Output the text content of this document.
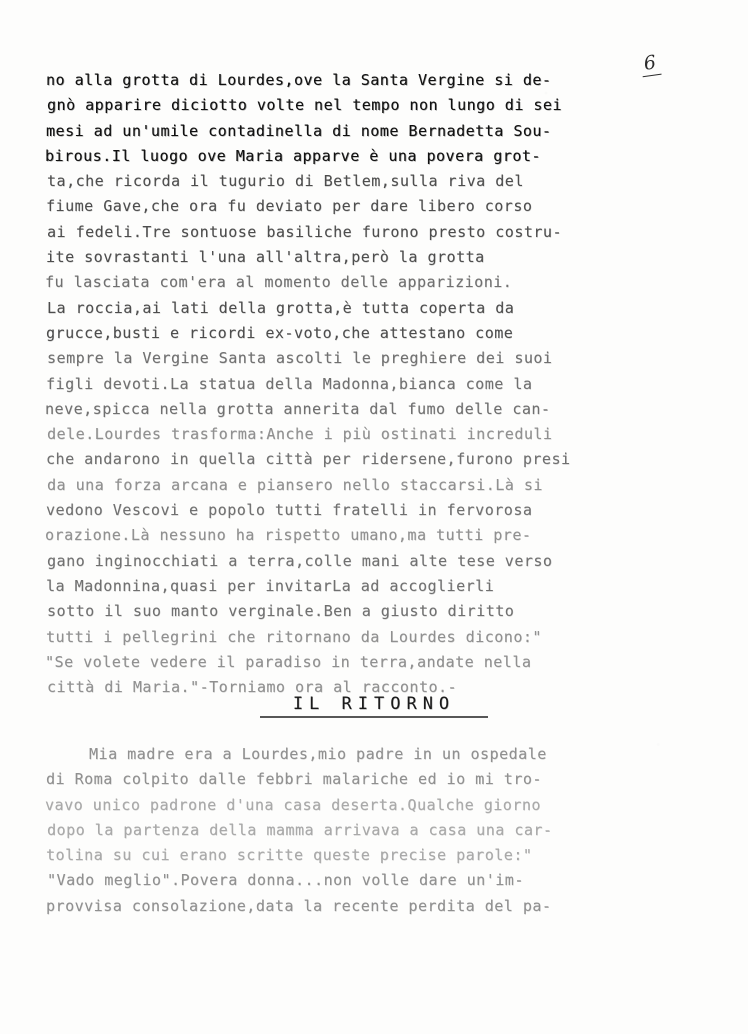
6
no alla grotta di Lourdes,ove la Santa Vergine si de-
gnò apparire diciotto volte nel tempo non lungo di sei
mesi ad un'umile contadinella di nome Bernadetta Sou-
birous.Il luogo ove Maria apparve è una povera grot-
ta,che ricorda il tugurio di Betlem,sulla riva del
fiume Gave,che ora fu deviato per dare libero corso
ai fedeli.Tre sontuose basiliche furono presto costru-
ite sovrastanti l'una all'altra,però la grotta
fu lasciata com'era al momento delle apparizioni.
La roccia,ai lati della grotta,è tutta coperta da
grucce,busti e ricordi ex-voto,che attestano come
sempre la Vergine Santa ascolti le preghiere dei suoi
figli devoti.La statua della Madonna,bianca come la
neve,spicca nella grotta annerita dal fumo delle can-
dele.Lourdes trasforma:Anche i più ostinati increduli
che andarono in quella città per ridersene,furono presi
da una forza arcana e piansero nello staccarsi.Là si
vedono Vescovi e popolo tutti fratelli in fervorosa
orazione.Là nessuno ha rispetto umano,ma tutti pre-
gano inginocchiati a terra,colle mani alte tese verso
la Madonnina,quasi per invitarLa ad accoglierli
sotto il suo manto verginale.Ben a giusto diritto
tutti i pellegrini che ritornano da Lourdes dicono:"
"Se volete vedere il paradiso in terra,andate nella
città di Maria."-Torniamo ora al racconto.-
IL RITORNO
Mia madre era a Lourdes,mio padre in un ospedale
di Roma colpito dalle febbri malariche ed io mi tro-
vavo unico padrone d'una casa deserta.Qualche giorno
dopo la partenza della mamma arrivava a casa una car-
tolina su cui erano scritte queste precise parole:"
"Vado meglio".Povera donna...non volle dare un'im-
provvisa consolazione,data la recente perdita del pa-
